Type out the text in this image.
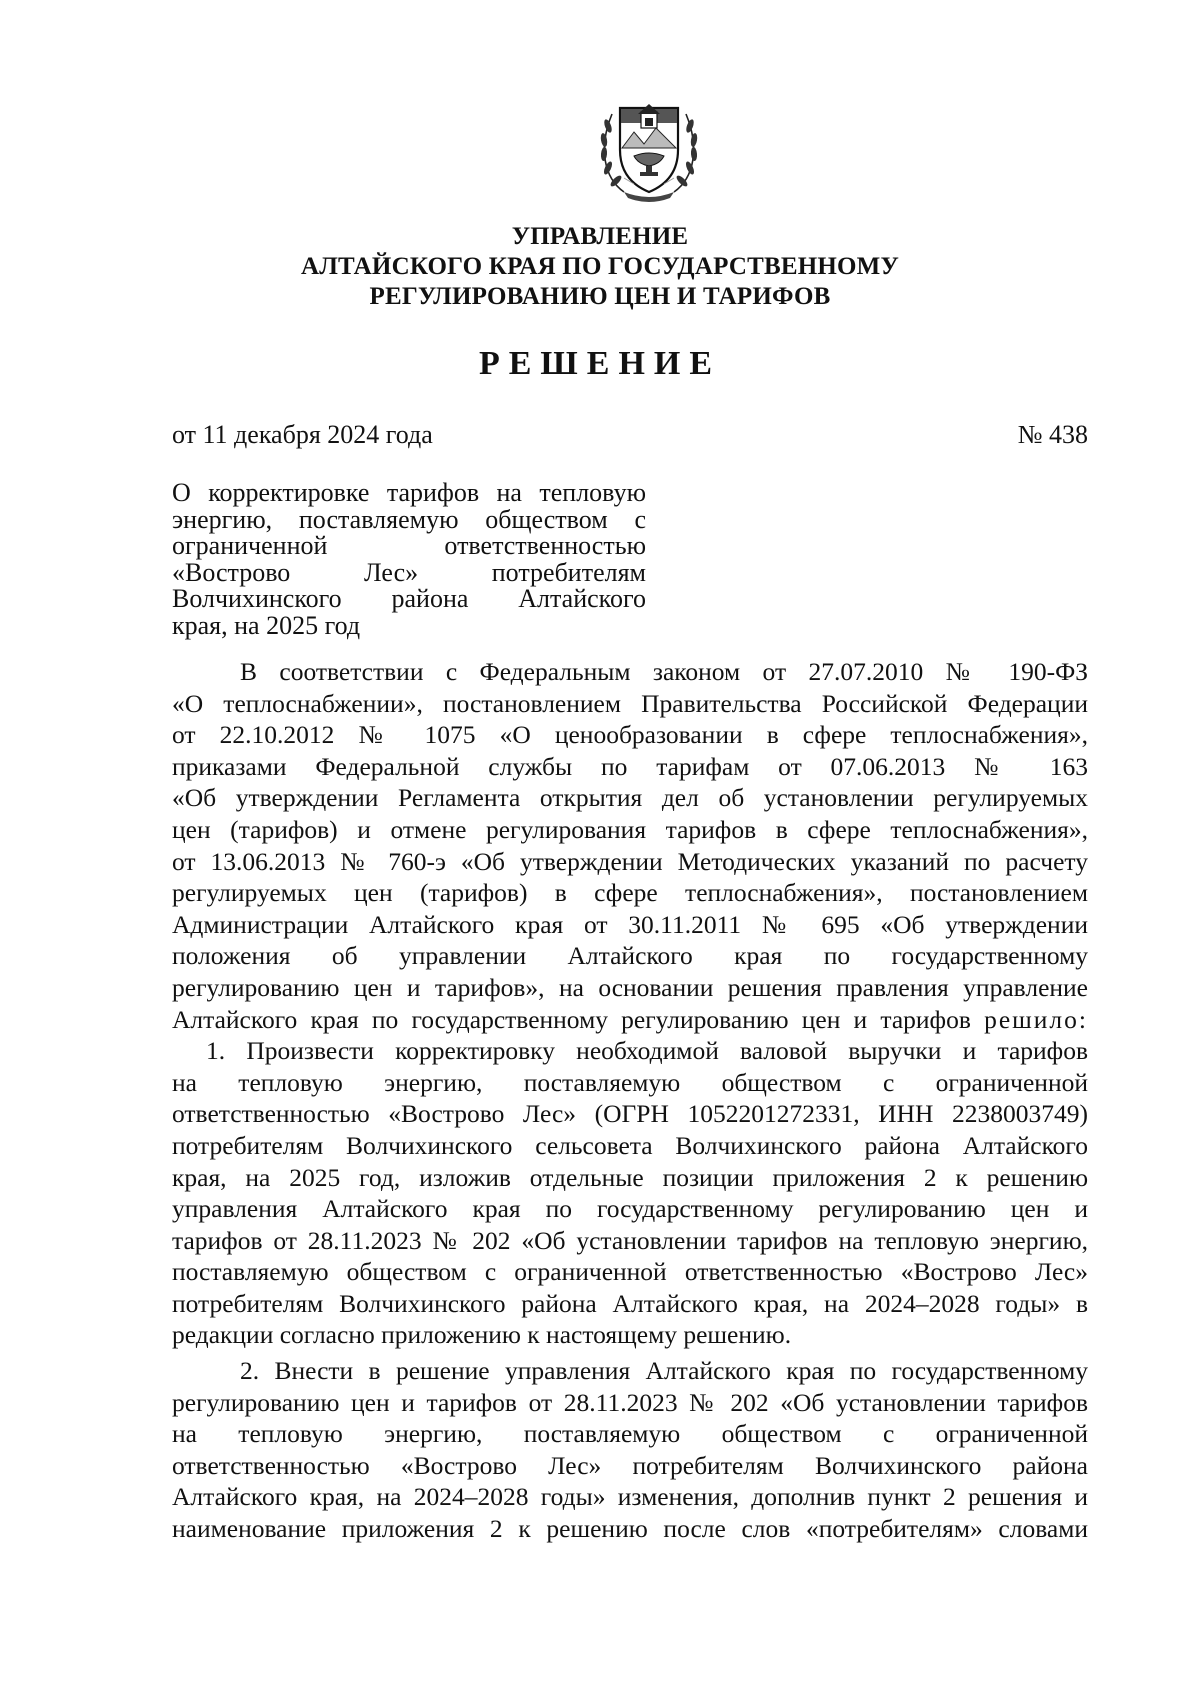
УПРАВЛЕНИЕ
АЛТАЙСКОГО КРАЯ ПО ГОСУДАРСТВЕННОМУ
РЕГУЛИРОВАНИЮ ЦЕН И ТАРИФОВ
РЕШЕНИЕ
от 11 декабря 2024 года	№ 438
О корректировке тарифов на тепловую
энергию, поставляемую обществом с
ограниченной ответственностью
«Вострово Лес» потребителям
Волчихинского района Алтайского
края, на 2025 год
В соответствии с Федеральным законом от 27.07.2010 № 190-ФЗ
«О теплоснабжении», постановлением Правительства Российской Федерации
от 22.10.2012 № 1075 «О ценообразовании в сфере теплоснабжения»,
приказами Федеральной службы по тарифам от 07.06.2013 № 163
«Об утверждении Регламента открытия дел об установлении регулируемых
цен (тарифов) и отмене регулирования тарифов в сфере теплоснабжения»,
от 13.06.2013 № 760-э «Об утверждении Методических указаний по расчету
регулируемых цен (тарифов) в сфере теплоснабжения», постановлением
Администрации Алтайского края от 30.11.2011 № 695 «Об утверждении
положения об управлении Алтайского края по государственному
регулированию цен и тарифов», на основании решения правления управление
Алтайского края по государственному регулированию цен и тарифов решило:
1. Произвести корректировку необходимой валовой выручки и тарифов
на тепловую энергию, поставляемую обществом с ограниченной
ответственностью «Вострово Лес» (ОГРН 1052201272331, ИНН 2238003749)
потребителям Волчихинского сельсовета Волчихинского района Алтайского
края, на 2025 год, изложив отдельные позиции приложения 2 к решению
управления Алтайского края по государственному регулированию цен и
тарифов от 28.11.2023 № 202 «Об установлении тарифов на тепловую энергию,
поставляемую обществом с ограниченной ответственностью «Вострово Лес»
потребителям Волчихинского района Алтайского края, на 2024–2028 годы» в
редакции согласно приложению к настоящему решению.
2. Внести в решение управления Алтайского края по государственному
регулированию цен и тарифов от 28.11.2023 № 202 «Об установлении тарифов
на тепловую энергию, поставляемую обществом с ограниченной
ответственностью «Вострово Лес» потребителям Волчихинского района
Алтайского края, на 2024–2028 годы» изменения, дополнив пункт 2 решения и
наименование приложения 2 к решению после слов «потребителям» словами
